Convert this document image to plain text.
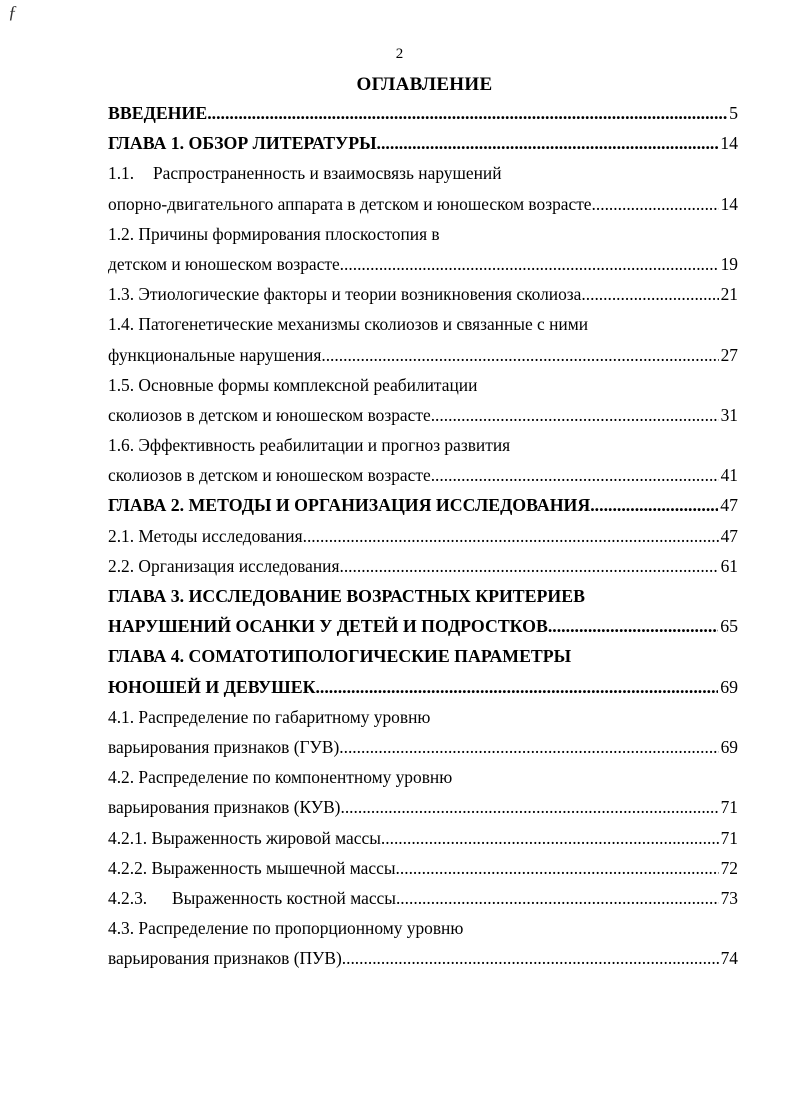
ƒ
2
ОГЛАВЛЕНИЕ
ВВЕДЕНИЕ .....	5
ГЛАВА 1. ОБЗОР ЛИТЕРАТУРЫ .....	14
1.1. Распространенность и взаимосвязь нарушений
опорно-двигательного аппарата в детском и юношеском возрасте. .....	14
1.2. Причины формирования плоскостопия в
детском и юношеском возрасте. .....	19
1.3. Этиологические факторы и теории возникновения сколиоза. .....	21
1.4. Патогенетические механизмы сколиозов и связанные с ними
функциональные нарушения. .....	27
1.5. Основные формы комплексной реабилитации
сколиозов в детском и юношеском возрасте .....	31
1.6. Эффективность реабилитации и прогноз развития
сколиозов в детском и юношеском возрасте .....	41
ГЛАВА 2. МЕТОДЫ И ОРГАНИЗАЦИЯ ИССЛЕДОВАНИЯ .....	47
2.1. Методы исследования .....	47
2.2. Организация исследования. .....	61
ГЛАВА 3. ИССЛЕДОВАНИЕ ВОЗРАСТНЫХ КРИТЕРИЕВ
НАРУШЕНИЙ ОСАНКИ У ДЕТЕЙ И ПОДРОСТКОВ. .....	65
ГЛАВА 4. СОМАТОТИПОЛОГИЧЕСКИЕ ПАРАМЕТРЫ
ЮНОШЕЙ И ДЕВУШЕК .....	69
4.1. Распределение по габаритному уровню
варьирования признаков (ГУВ) .....	69
4.2. Распределение по компонентному уровню
варьирования признаков (КУВ) .....	71
4.2.1. Выраженность жировой массы. .....	71
4.2.2. Выраженность мышечной массы. .....	72
4.2.3. Выраженность костной массы. .....	73
4.3. Распределение по пропорционному уровню
варьирования признаков (ПУВ) .....	74
